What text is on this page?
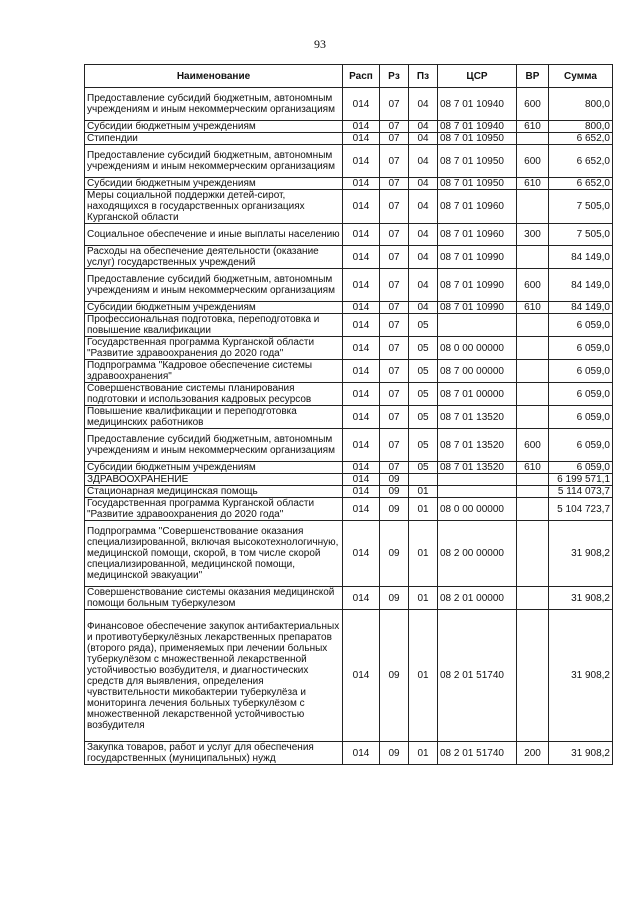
93
Наименование	Расп	Рз	Пз	ЦСР	ВР	Сумма
Предоставление субсидий бюджетным, автономным учреждениям и иным некоммерческим организациям	014	07	04	08 7 01 10940	600	800,0
Субсидии бюджетным учреждениям	014	07	04	08 7 01 10940	610	800,0
Стипендии	014	07	04	08 7 01 10950		6 652,0
Предоставление субсидий бюджетным, автономным учреждениям и иным некоммерческим организациям	014	07	04	08 7 01 10950	600	6 652,0
Субсидии бюджетным учреждениям	014	07	04	08 7 01 10950	610	6 652,0
Меры социальной поддержки детей-сирот, находящихся в государственных организациях Курганской области	014	07	04	08 7 01 10960		7 505,0
Социальное обеспечение и иные выплаты населению	014	07	04	08 7 01 10960	300	7 505,0
Расходы на обеспечение деятельности (оказание услуг) государственных учреждений	014	07	04	08 7 01 10990		84 149,0
Предоставление субсидий бюджетным, автономным учреждениям и иным некоммерческим организациям	014	07	04	08 7 01 10990	600	84 149,0
Субсидии бюджетным учреждениям	014	07	04	08 7 01 10990	610	84 149,0
Профессиональная подготовка, переподготовка и повышение квалификации	014	07	05			6 059,0
Государственная программа Курганской области "Развитие здравоохранения до 2020 года"	014	07	05	08 0 00 00000		6 059,0
Подпрограмма "Кадровое обеспечение системы здравоохранения"	014	07	05	08 7 00 00000		6 059,0
Совершенствование системы планирования подготовки и использования кадровых ресурсов	014	07	05	08 7 01 00000		6 059,0
Повышение квалификации и переподготовка медицинских работников	014	07	05	08 7 01 13520		6 059,0
Предоставление субсидий бюджетным, автономным учреждениям и иным некоммерческим организациям	014	07	05	08 7 01 13520	600	6 059,0
Субсидии бюджетным учреждениям	014	07	05	08 7 01 13520	610	6 059,0
ЗДРАВООХРАНЕНИЕ	014	09				6 199 571,1
Стационарная медицинская помощь	014	09	01			5 114 073,7
Государственная программа Курганской области "Развитие здравоохранения до 2020 года"	014	09	01	08 0 00 00000		5 104 723,7
Подпрограмма "Совершенствование оказания специализированной, включая высокотехнологичную, медицинской помощи, скорой, в том числе скорой специализированной, медицинской помощи, медицинской эвакуации"	014	09	01	08 2 00 00000		31 908,2
Совершенствование системы оказания медицинской помощи больным туберкулезом	014	09	01	08 2 01 00000		31 908,2
Финансовое обеспечение закупок антибактериальных и противотуберкулёзных лекарственных препаратов (второго ряда), применяемых при лечении больных туберкулёзом с множественной лекарственной устойчивостью возбудителя, и диагностических средств для выявления, определения чувствительности микобактерии туберкулёза и мониторинга лечения больных туберкулёзом с множественной лекарственной устойчивостью возбудителя	014	09	01	08 2 01 51740		31 908,2
Закупка товаров, работ и услуг для обеспечения государственных (муниципальных) нужд	014	09	01	08 2 01 51740	200	31 908,2
